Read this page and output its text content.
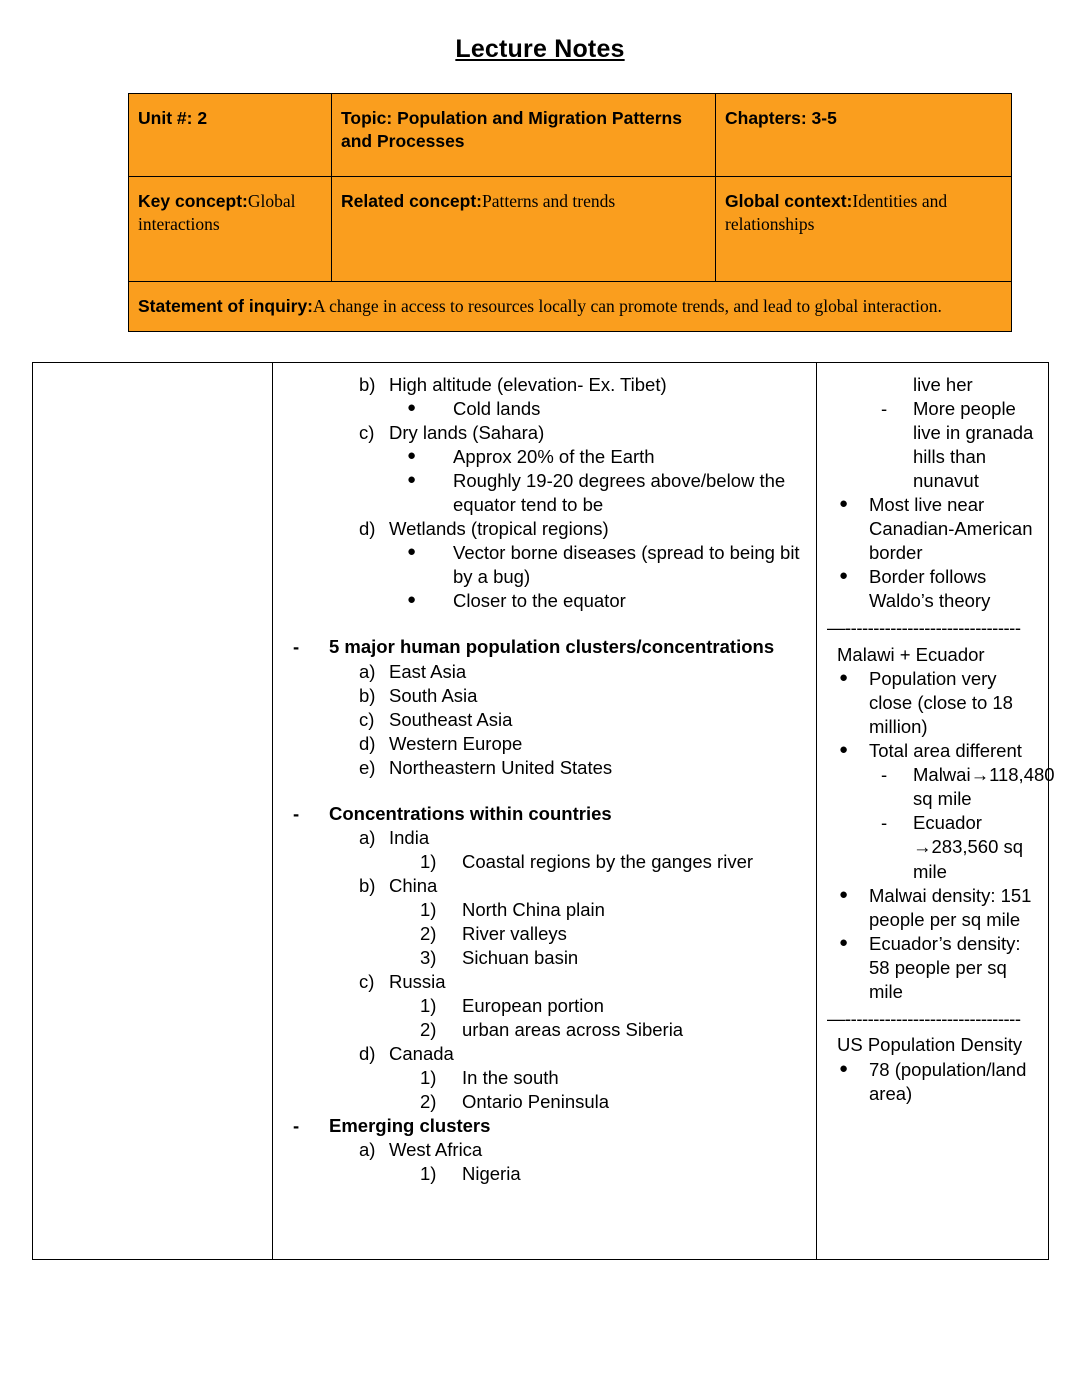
Lecture Notes
Unit #: 2	Topic: Population and Migration Patterns and Processes	Chapters: 3-5
Key concept:Global interactions	Related concept:Patterns and trends	Global context:Identities and relationships
Statement of inquiry:A change in access to resources locally can promote trends, and lead to global interaction.		

b) High altitude (elevation- Ex. Tibet)
●	Cold lands
c) Dry lands (Sahara)
●	Approx 20% of the Earth
●	Roughly 19-20 degrees above/below the equator tend to be
d) Wetlands (tropical regions)
●	Vector borne diseases (spread to being bit by a bug)
●	Closer to the equator
-	5 major human population clusters/concentrations
a) East Asia
b) South Asia
c) Southeast Asia
d) Western Europe
e) Northeastern United States
-	Concentrations within countries
a) India
1)	Coastal regions by the ganges river
b) China
1)	North China plain
2)	River valleys
3)	Sichuan basin
c) Russia
1)	European portion
2)	urban areas across Siberia
d) Canada
1)	In the south
2)	Ontario Peninsula
-	Emerging clusters
a) West Africa
1)	Nigeria

live her
-	More people live in granada hills than nunavut
●	Most live near Canadian-American border
●	Border follows Waldo’s theory
—-------------------------------
Malawi + Ecuador
●	Population very close (close to 18 million)
●	Total area different
-	Malwai→118,480 sq mile
-	Ecuador →283,560 sq mile
●	Malwai density: 151 people per sq mile
●	Ecuador’s density: 58 people per sq mile
—-------------------------------
US Population Density
●	78 (population/land area)
